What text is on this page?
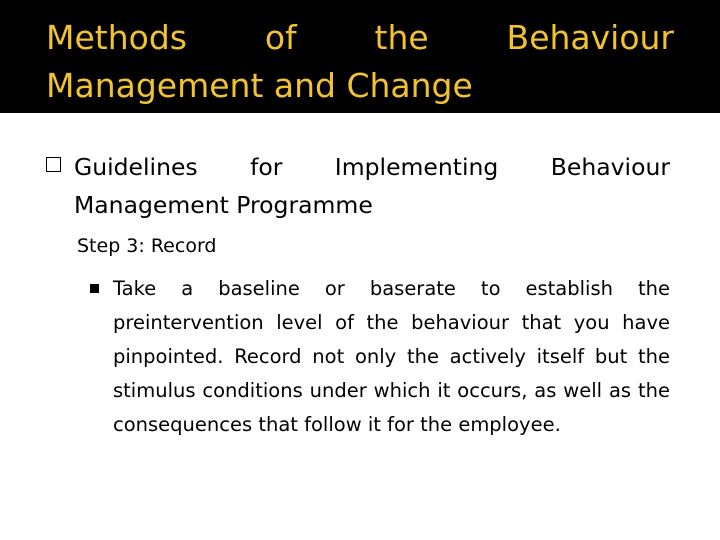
Methods of the Behaviour Management and Change

Guidelines for Implementing Behaviour Management Programme

Step 3: Record

Take a baseline or baserate to establish the preintervention level of the behaviour that you have pinpointed. Record not only the actively itself but the stimulus conditions under which it occurs, as well as the consequences that follow it for the employee.
